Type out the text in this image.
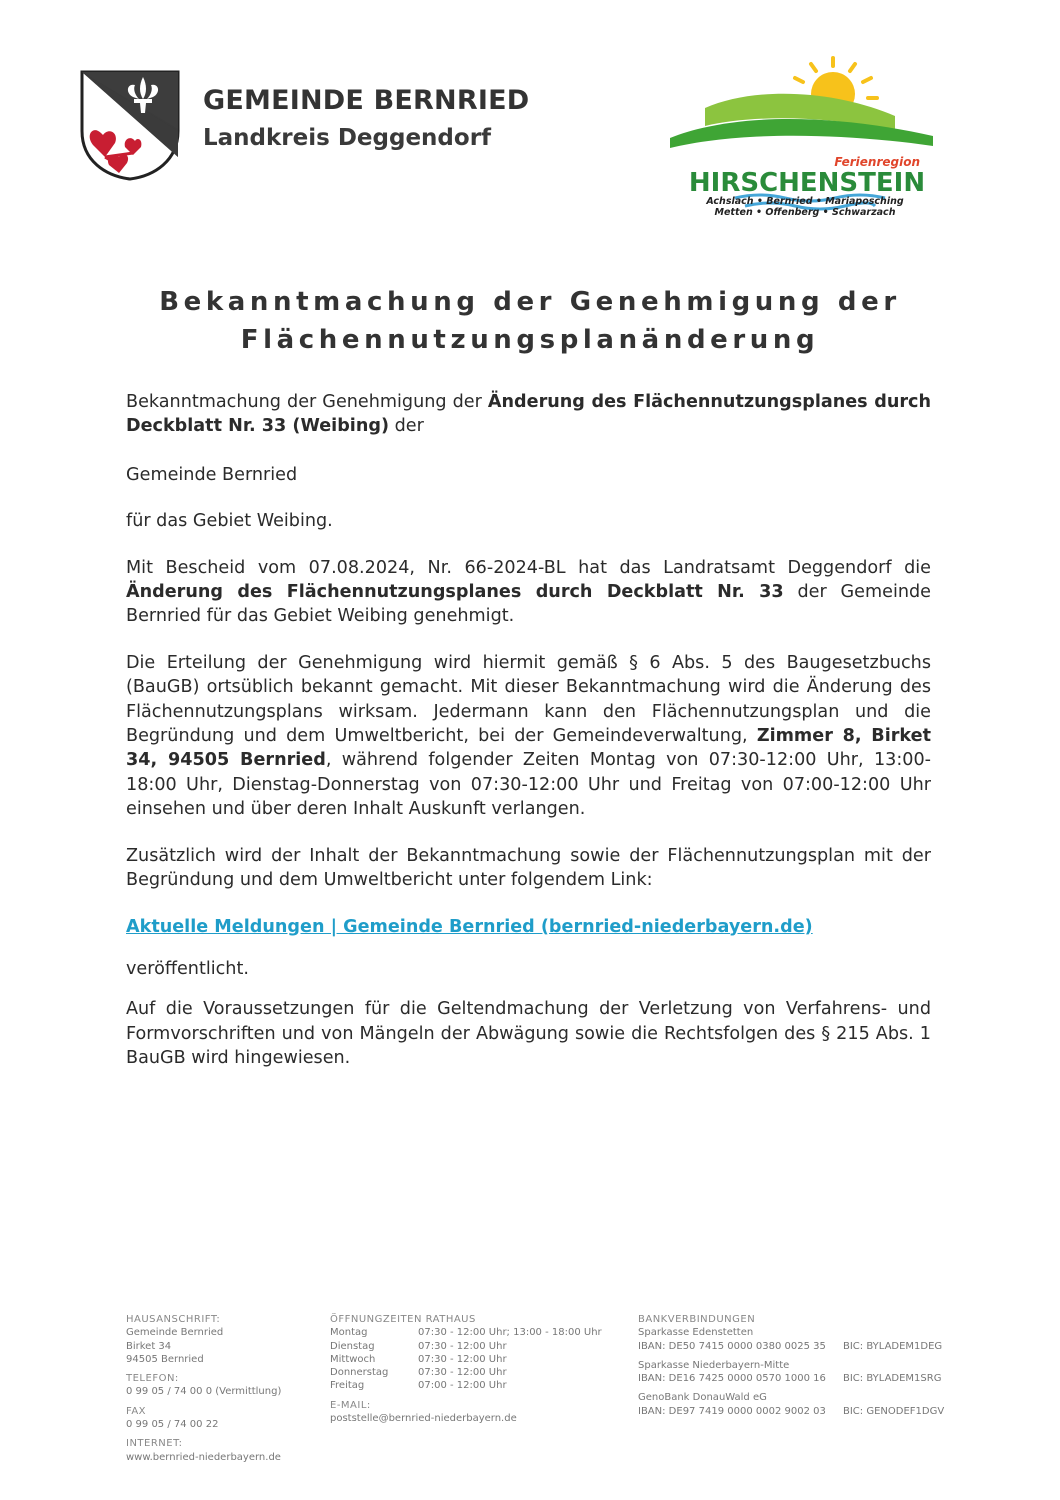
GEMEINDE BERNRIED

Landkreis Deggendorf

Ferienregion
HIRSCHENSTEIN
Achslach • Bernried • Mariaposching
Metten • Offenberg • Schwarzach
Bekanntmachung der Genehmigung der
Flächennutzungsplanänderung

Bekanntmachung der Genehmigung der Änderung des Flächennutzungsplanes durch Deckblatt Nr. 33 (Weibing) der

Gemeinde Bernried

für das Gebiet Weibing.

Mit Bescheid vom 07.08.2024, Nr. 66-2024-BL hat das Landratsamt Deggendorf die Änderung des Flächennutzungsplanes durch Deckblatt Nr. 33 der Gemeinde Bernried für das Gebiet Weibing genehmigt.

Die Erteilung der Genehmigung wird hiermit gemäß § 6 Abs. 5 des Baugesetzbuchs (BauGB) ortsüblich bekannt gemacht. Mit dieser Bekanntmachung wird die Änderung des Flächennutzungsplans wirksam. Jedermann kann den Flächennutzungsplan und die Begründung und dem Umweltbericht, bei der Gemeindeverwaltung, Zimmer 8, Birket 34, 94505 Bernried, während folgender Zeiten Montag von 07:30-12:00 Uhr, 13:00-18:00 Uhr, Dienstag-Donnerstag von 07:30-12:00 Uhr und Freitag von 07:00-12:00 Uhr einsehen und über deren Inhalt Auskunft verlangen.

Zusätzlich wird der Inhalt der Bekanntmachung sowie der Flächennutzungsplan mit der Begründung und dem Umweltbericht unter folgendem Link:

Aktuelle Meldungen | Gemeinde Bernried (bernried-niederbayern.de)

veröffentlicht.

Auf die Voraussetzungen für die Geltendmachung der Verletzung von Verfahrens- und Formvorschriften und von Mängeln der Abwägung sowie die Rechtsfolgen des § 215 Abs. 1 BauGB wird hingewiesen.

HAUSANSCHRIFT:
Gemeinde Bernried
Birket 34
94505 Bernried
TELEFON:
0 99 05 / 74 00 0 (Vermittlung)
FAX
0 99 05 / 74 00 22
INTERNET:
www.bernried-niederbayern.de
ÖFFNUNGZEITEN RATHAUS
Montag	07:30 - 12:00 Uhr; 13:00 - 18:00 Uhr
Dienstag	07:30 - 12:00 Uhr
Mittwoch	07:30 - 12:00 Uhr
Donnerstag	07:30 - 12:00 Uhr
Freitag	07:00 - 12:00 Uhr
E-MAIL:
poststelle@bernried-niederbayern.de
BANKVERBINDUNGEN
Sparkasse Edenstetten
IBAN: DE50 7415 0000 0380 0025 35	BIC: BYLADEM1DEG
Sparkasse Niederbayern-Mitte
IBAN: DE16 7425 0000 0570 1000 16	BIC: BYLADEM1SRG
GenoBank DonauWald eG
IBAN: DE97 7419 0000 0002 9002 03	BIC: GENODEF1DGV
